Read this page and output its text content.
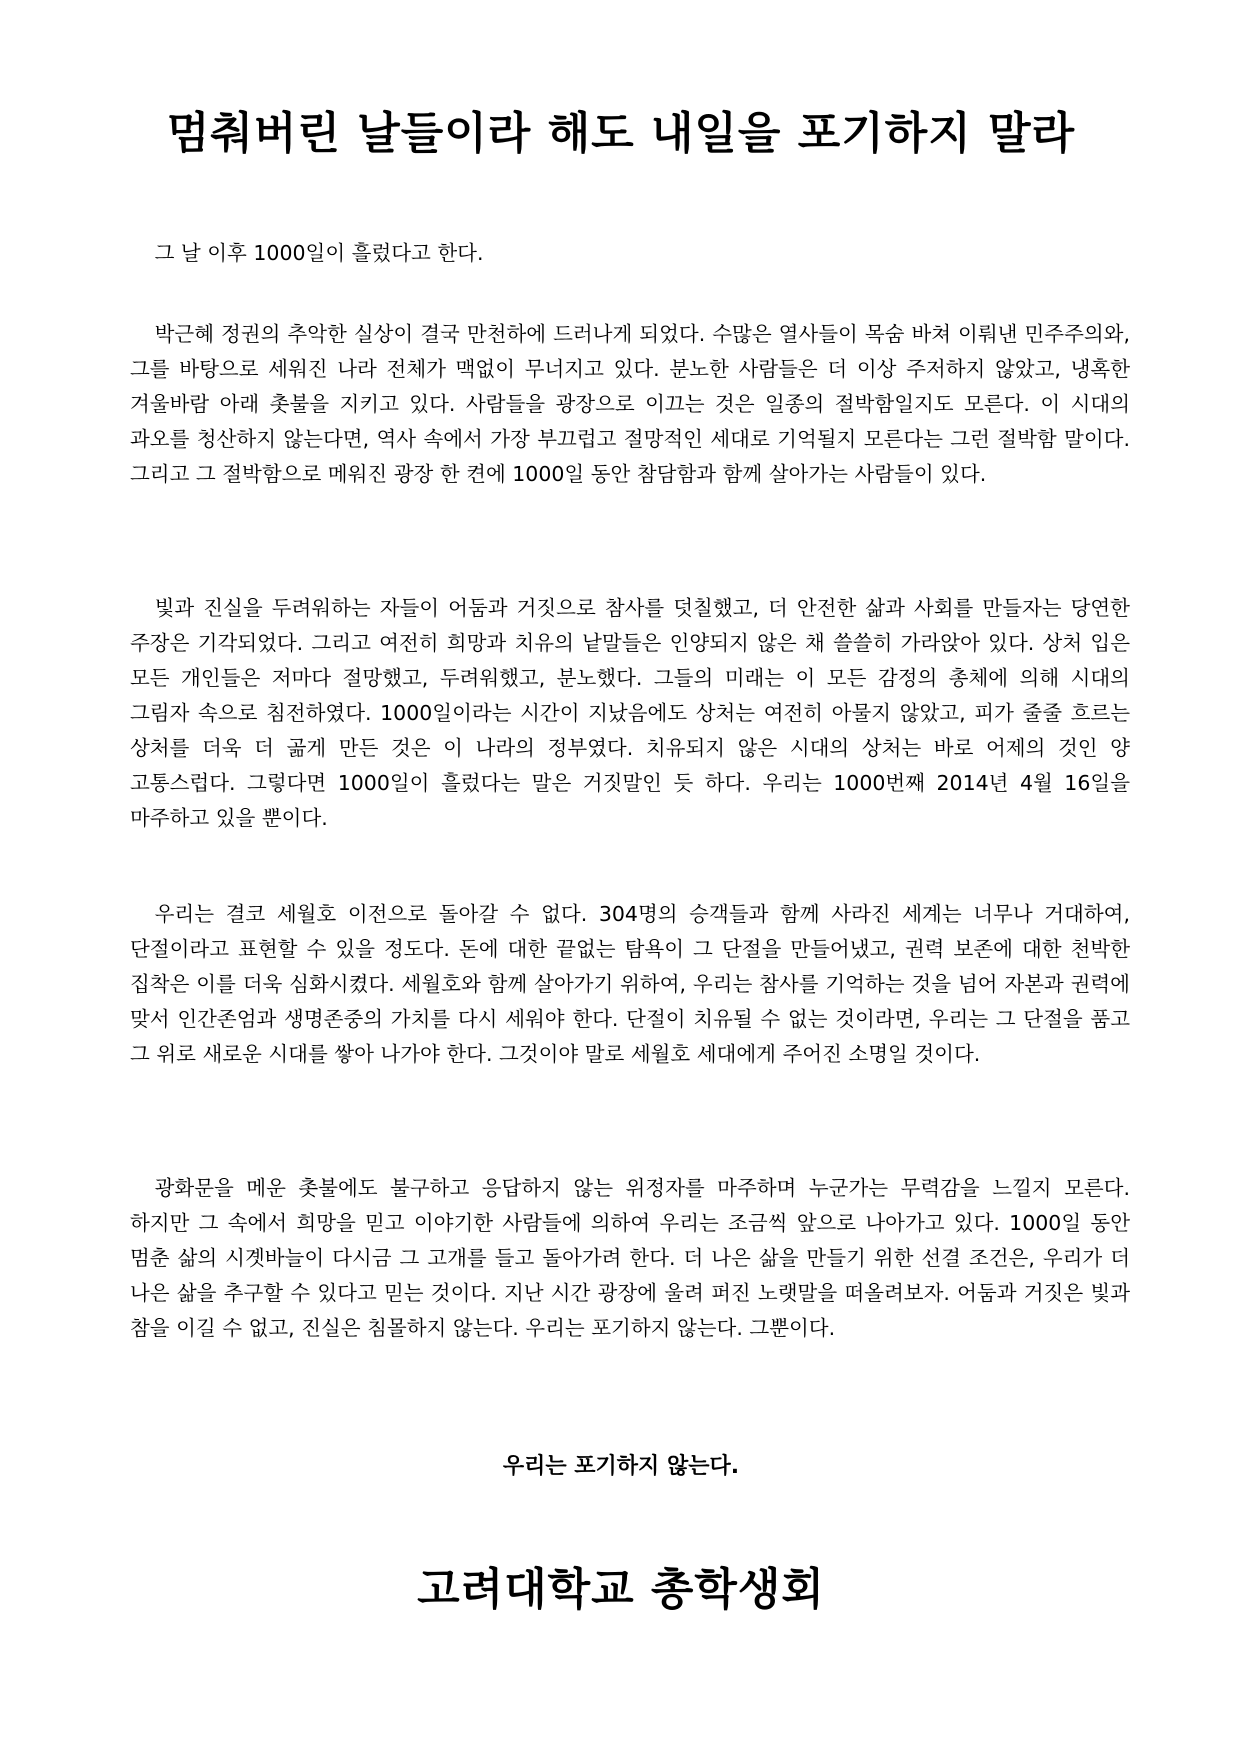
멈춰버린 날들이라 해도 내일을 포기하지 말라

그 날 이후 1000일이 흘렀다고 한다.

박근혜 정권의 추악한 실상이 결국 만천하에 드러나게 되었다. 수많은 열사들이 목숨 바쳐 이뤄낸 민주주의와, 그를 바탕으로 세워진 나라 전체가 맥없이 무너지고 있다. 분노한 사람들은 더 이상 주저하지 않았고, 냉혹한 겨울바람 아래 촛불을 지키고 있다. 사람들을 광장으로 이끄는 것은 일종의 절박함일지도 모른다. 이 시대의 과오를 청산하지 않는다면, 역사 속에서 가장 부끄럽고 절망적인 세대로 기억될지 모른다는 그런 절박함 말이다. 그리고 그 절박함으로 메워진 광장 한 켠에 1000일 동안 참담함과 함께 살아가는 사람들이 있다.

빛과 진실을 두려워하는 자들이 어둠과 거짓으로 참사를 덧칠했고, 더 안전한 삶과 사회를 만들자는 당연한 주장은 기각되었다. 그리고 여전히 희망과 치유의 낱말들은 인양되지 않은 채 쓸쓸히 가라앉아 있다. 상처 입은 모든 개인들은 저마다 절망했고, 두려워했고, 분노했다. 그들의 미래는 이 모든 감정의 총체에 의해 시대의 그림자 속으로 침전하였다. 1000일이라는 시간이 지났음에도 상처는 여전히 아물지 않았고, 피가 줄줄 흐르는 상처를 더욱 더 곪게 만든 것은 이 나라의 정부였다. 치유되지 않은 시대의 상처는 바로 어제의 것인 양 고통스럽다. 그렇다면 1000일이 흘렀다는 말은 거짓말인 듯 하다. 우리는 1000번째 2014년 4월 16일을 마주하고 있을 뿐이다.

우리는 결코 세월호 이전으로 돌아갈 수 없다. 304명의 승객들과 함께 사라진 세계는 너무나 거대하여, 단절이라고 표현할 수 있을 정도다. 돈에 대한 끝없는 탐욕이 그 단절을 만들어냈고, 권력 보존에 대한 천박한 집착은 이를 더욱 심화시켰다. 세월호와 함께 살아가기 위하여, 우리는 참사를 기억하는 것을 넘어 자본과 권력에 맞서 인간존엄과 생명존중의 가치를 다시 세워야 한다. 단절이 치유될 수 없는 것이라면, 우리는 그 단절을 품고 그 위로 새로운 시대를 쌓아 나가야 한다. 그것이야 말로 세월호 세대에게 주어진 소명일 것이다.

광화문을 메운 촛불에도 불구하고 응답하지 않는 위정자를 마주하며 누군가는 무력감을 느낄지 모른다. 하지만 그 속에서 희망을 믿고 이야기한 사람들에 의하여 우리는 조금씩 앞으로 나아가고 있다. 1000일 동안 멈춘 삶의 시곗바늘이 다시금 그 고개를 들고 돌아가려 한다. 더 나은 삶을 만들기 위한 선결 조건은, 우리가 더 나은 삶을 추구할 수 있다고 믿는 것이다. 지난 시간 광장에 울려 퍼진 노랫말을 떠올려보자. 어둠과 거짓은 빛과 참을 이길 수 없고, 진실은 침몰하지 않는다. 우리는 포기하지 않는다. 그뿐이다.

우리는 포기하지 않는다.

고려대학교 총학생회
